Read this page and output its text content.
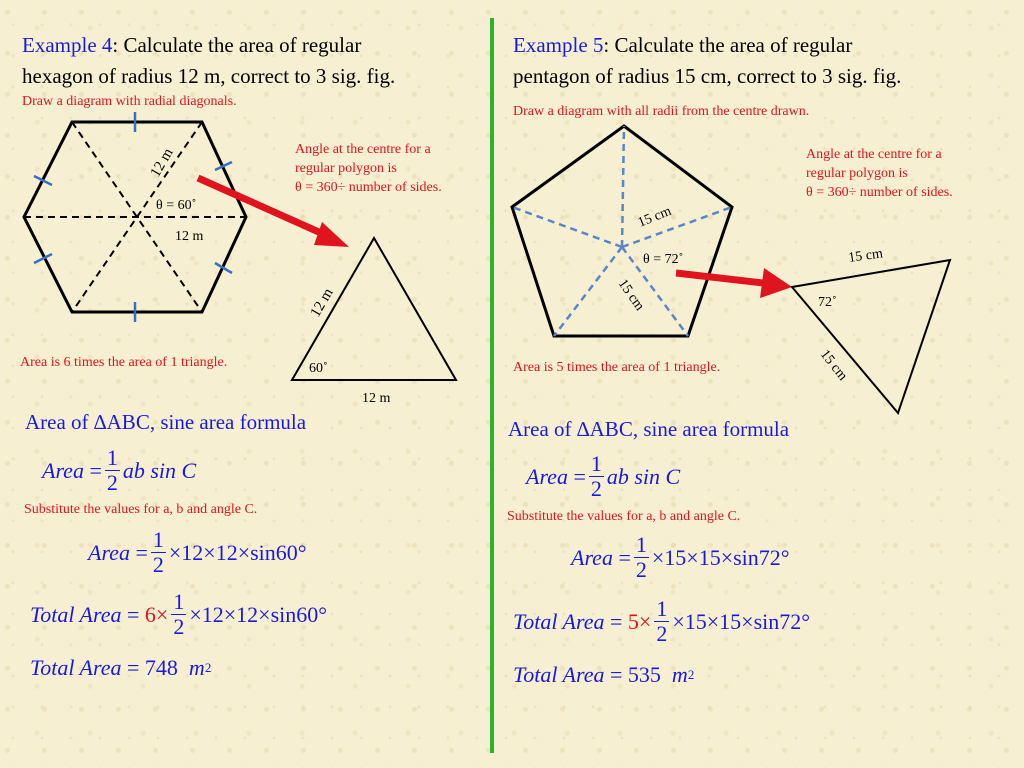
Example 4: Calculate the area of regular
hexagon of radius 12 m, correct to 3 sig. fig.
Draw a diagram with radial diagonals.
Angle at the centre for a
regular polygon is
θ = 360÷ number of sides.
12 m
θ = 60˚
12 m
12 m
60˚
12 m
Area is 6 times the area of 1 triangle.
Area of ∆ABC, sine area formula
Area = $\frac{1}{2}$ ab sin C
Substitute the values for a, b and angle C.
Area = $\frac{1}{2} \times 12\times 12\times\sin 60^\circ$
Total Area = $6\times \frac{1}{2} \times 12\times 12\times\sin 60^\circ$
Total Area = 748
m 2
Example 5: Calculate the area of regular
pentagon of radius 15 cm, correct to 3 sig. fig.
Draw a diagram with all radii from the centre drawn.
Angle at the centre for a
regular polygon is
θ = 360÷ number of sides.
15 cm
θ = 72˚
15 cm
15 cm
72˚
15 cm
Area is 5 times the area of 1 triangle.
Area of ∆ABC, sine area formula
Area = $\frac{1}{2}$ ab sin C
Substitute the values for a, b and angle C.
Area = $\frac{1}{2} \times 15\times 15\times\sin 72^\circ$
Total Area = $5\times \frac{1}{2} \times 15\times 15\times\sin 72^\circ$
Total Area = 535
m 2
